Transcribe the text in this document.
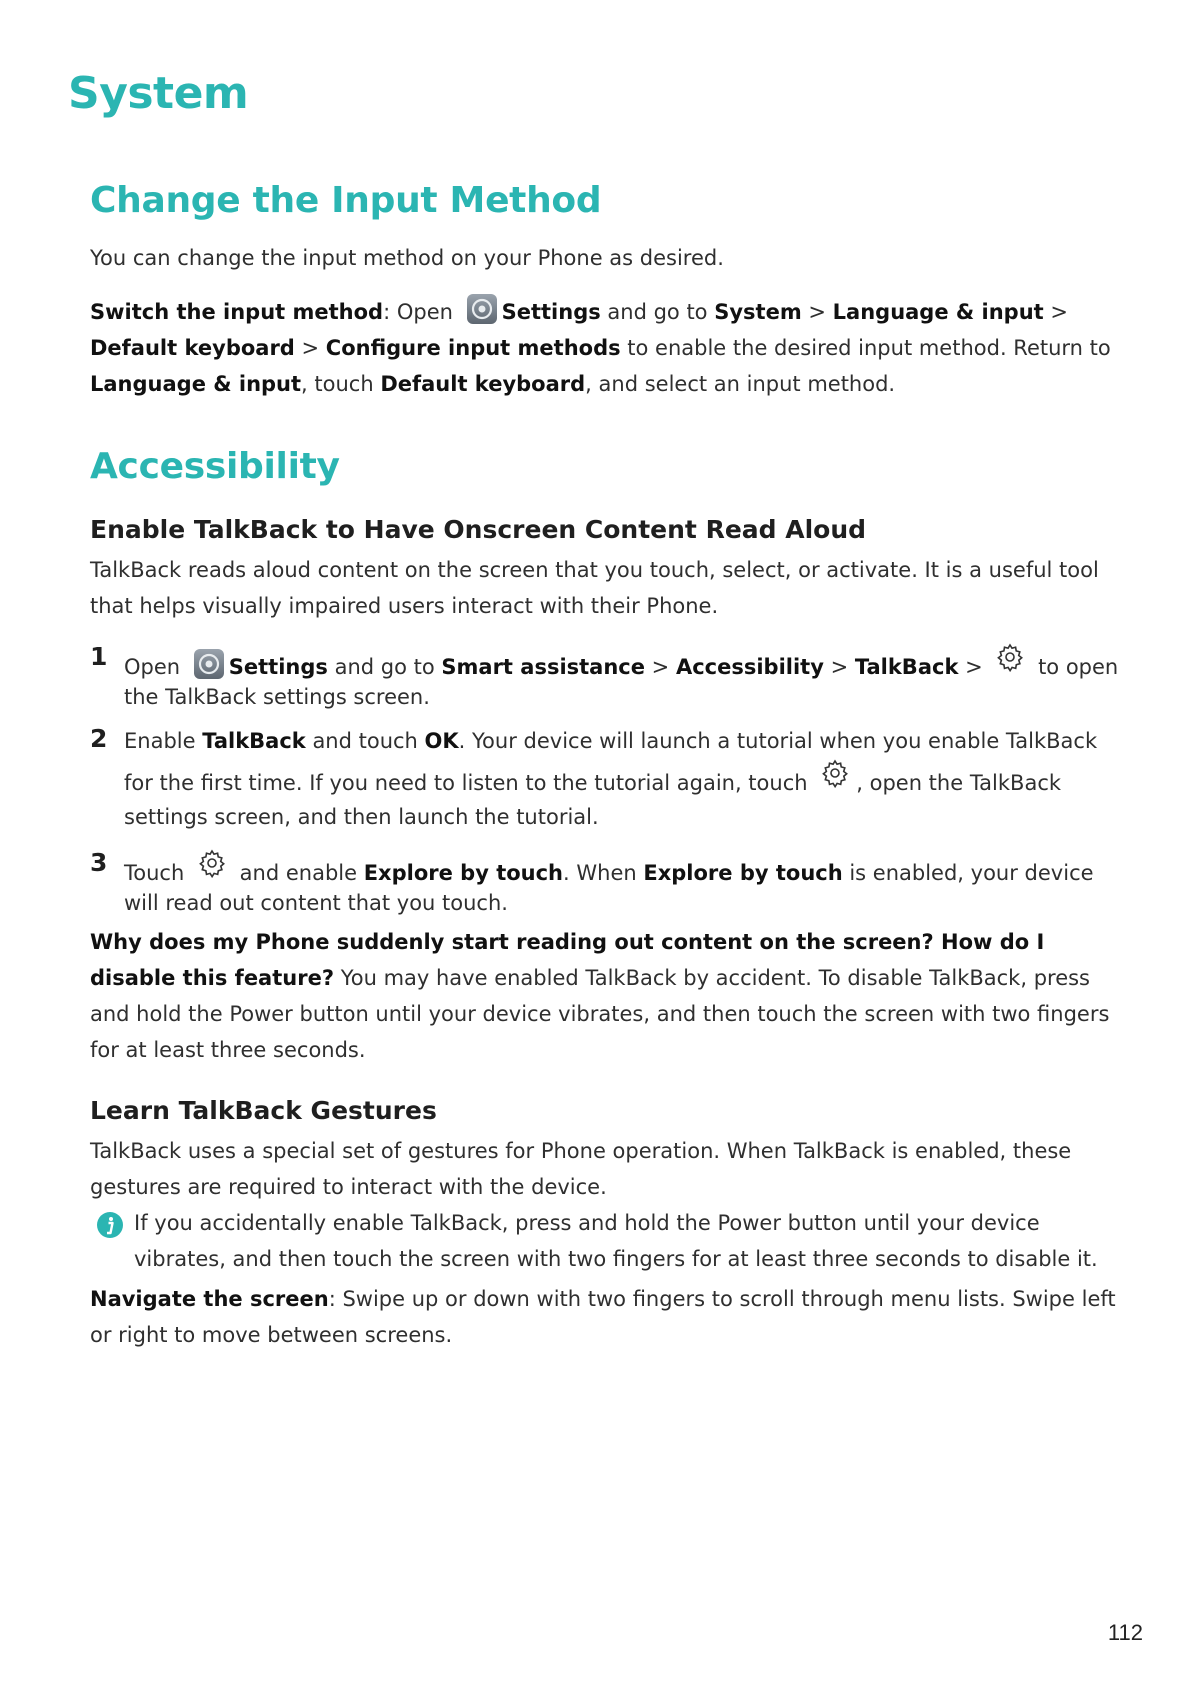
System
Change the Input Method

You can change the input method on your Phone as desired.

Switch the input method: Open Settings and go to System > Language & input > Default keyboard > Configure input methods to enable the desired input method. Return to Language & input, touch Default keyboard, and select an input method.

Accessibility
Enable TalkBack to Have Onscreen Content Read Aloud

TalkBack reads aloud content on the screen that you touch, select, or activate. It is a useful tool that helps visually impaired users interact with their Phone.

1 Open Settings and go to Smart assistance > Accessibility > TalkBack >	to open the TalkBack settings screen.
2 Enable TalkBack and touch OK. Your device will launch a tutorial when you enable TalkBack for the first time. If you need to listen to the tutorial again, touch , open the TalkBack settings screen, and then launch the tutorial.
3 Touch	and enable Explore by touch. When Explore by touch is enabled, your device will read out content that you touch.

Why does my Phone suddenly start reading out content on the screen? How do I disable this feature? You may have enabled TalkBack by accident. To disable TalkBack, press and hold the Power button until your device vibrates, and then touch the screen with two fingers for at least three seconds.

Learn TalkBack Gestures

TalkBack uses a special set of gestures for Phone operation. When TalkBack is enabled, these gestures are required to interact with the device.

If you accidentally enable TalkBack, press and hold the Power button until your device vibrates, and then touch the screen with two fingers for at least three seconds to disable it.

Navigate the screen: Swipe up or down with two fingers to scroll through menu lists. Swipe left or right to move between screens.

112
